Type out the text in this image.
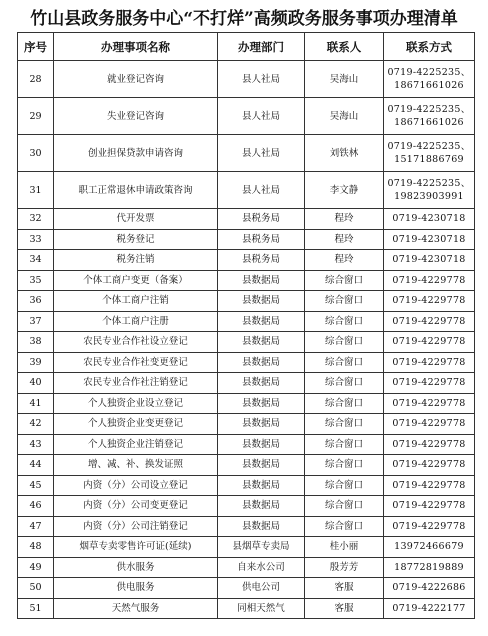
竹山县政务服务中心“不打烊”高频政务服务事项办理清单
序号	办理事项名称	办理部门	联系人	联系方式
28	就业登记咨询	县人社局	吴海山	0719-4225235、
18671661026

29	失业登记咨询	县人社局	吴海山	0719-4225235、
18671661026

30	创业担保贷款申请咨询	县人社局	刘铁林	0719-4225235、
15171886769

31	职工正常退休申请政策咨询	县人社局	李文静	0719-4225235、
19823903991

32	代开发票	县税务局	程玲	0719-4230718

33	税务登记	县税务局	程玲	0719-4230718

34	税务注销	县税务局	程玲	0719-4230718

35	个体工商户变更（备案）	县数据局	综合窗口	0719-4229778

36	个体工商户注销	县数据局	综合窗口	0719-4229778

37	个体工商户注册	县数据局	综合窗口	0719-4229778

38	农民专业合作社设立登记	县数据局	综合窗口	0719-4229778

39	农民专业合作社变更登记	县数据局	综合窗口	0719-4229778

40	农民专业合作社注销登记	县数据局	综合窗口	0719-4229778

41	个人独资企业设立登记	县数据局	综合窗口	0719-4229778

42	个人独资企业变更登记	县数据局	综合窗口	0719-4229778

43	个人独资企业注销登记	县数据局	综合窗口	0719-4229778

44	增、减、补、换发证照	县数据局	综合窗口	0719-4229778

45	内资（分）公司设立登记	县数据局	综合窗口	0719-4229778

46	内资（分）公司变更登记	县数据局	综合窗口	0719-4229778

47	内资（分）公司注销登记	县数据局	综合窗口	0719-4229778

48	烟草专卖零售许可证(延续)	县烟草专卖局	桂小丽	13972466679

49	供水服务	自来水公司	殷芳芳	18772819889

50	供电服务	供电公司	客服	0719-4222686

51	天然气服务	同相天然气	客服	0719-4222177
